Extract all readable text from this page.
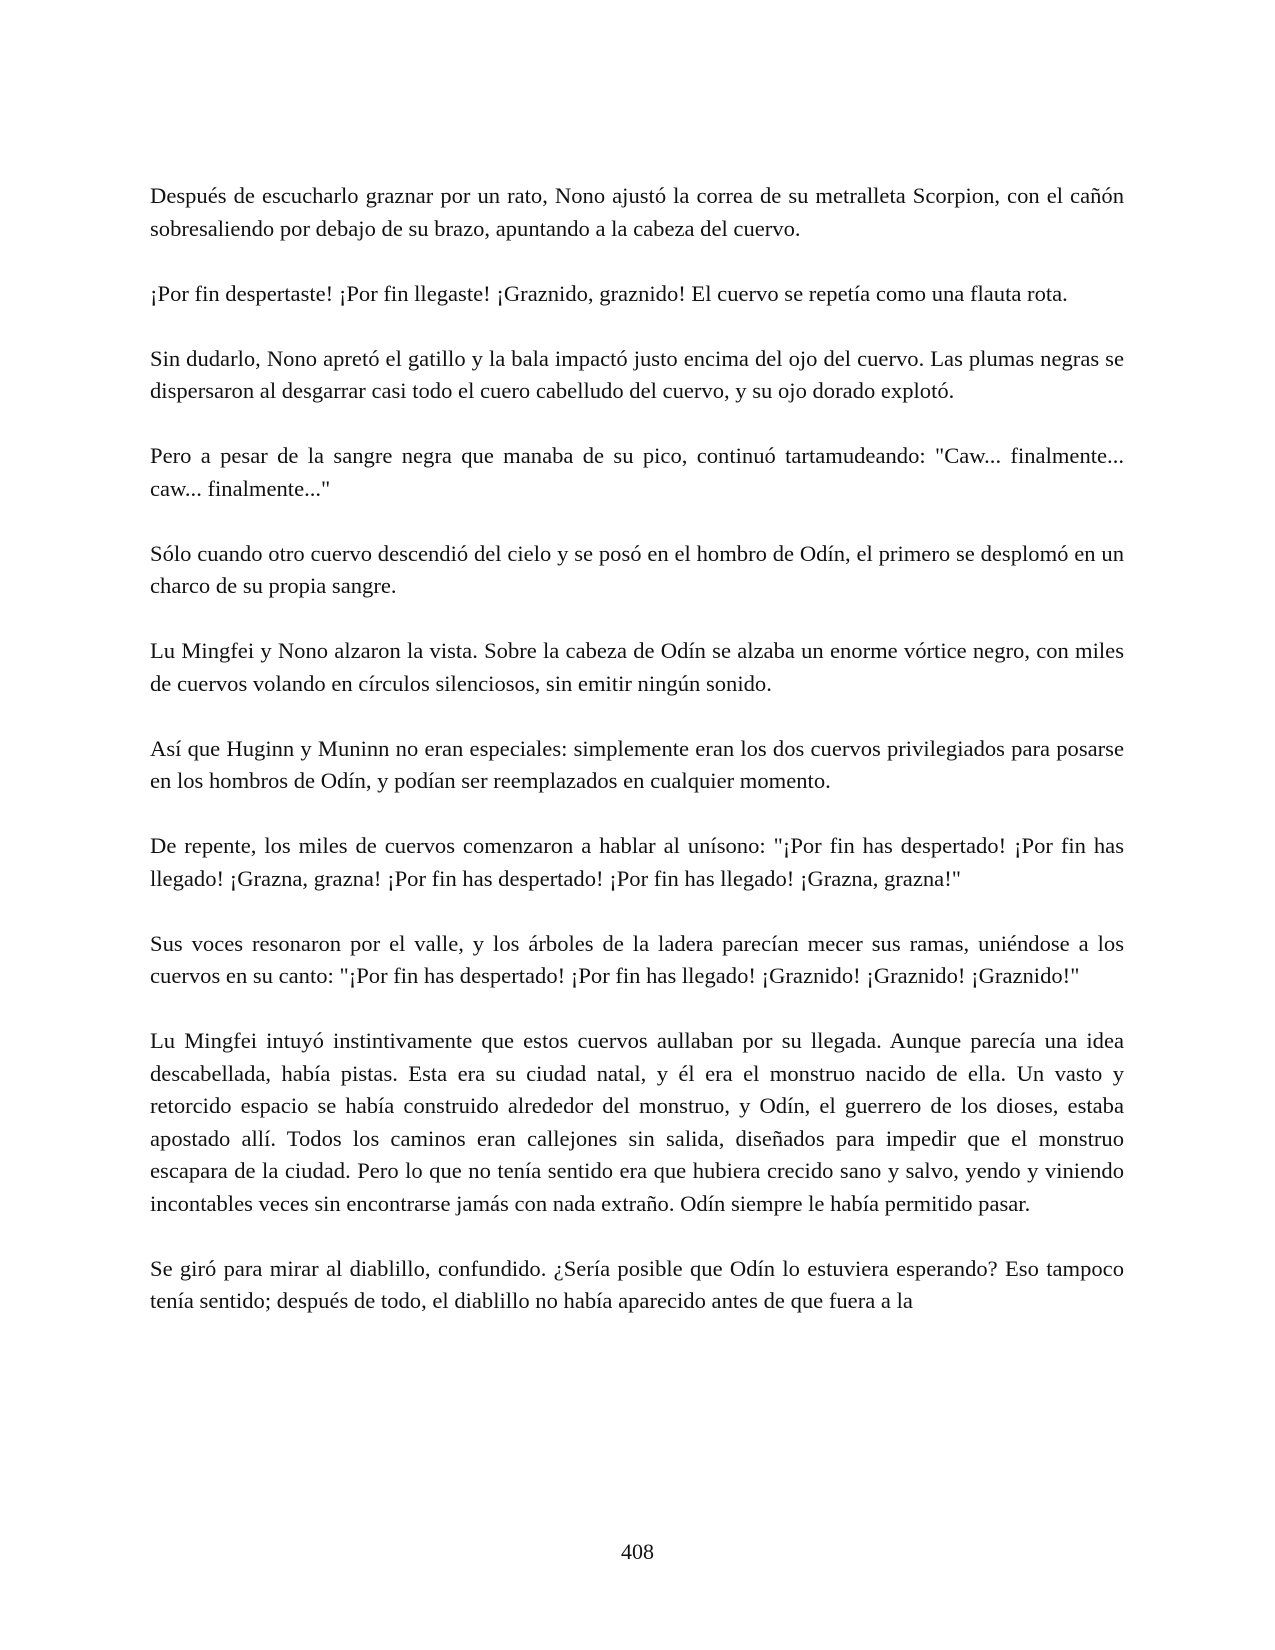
Después de escucharlo graznar por un rato, Nono ajustó la correa de su metralleta Scorpion, con el cañón sobresaliendo por debajo de su brazo, apuntando a la cabeza del cuervo.

¡Por fin despertaste! ¡Por fin llegaste! ¡Graznido, graznido! El cuervo se repetía como una flauta rota.

Sin dudarlo, Nono apretó el gatillo y la bala impactó justo encima del ojo del cuervo. Las plumas negras se dispersaron al desgarrar casi todo el cuero cabelludo del cuervo, y su ojo dorado explotó.

Pero a pesar de la sangre negra que manaba de su pico, continuó tartamudeando: "Caw... finalmente... caw... finalmente..."

Sólo cuando otro cuervo descendió del cielo y se posó en el hombro de Odín, el primero se desplomó en un charco de su propia sangre.

Lu Mingfei y Nono alzaron la vista. Sobre la cabeza de Odín se alzaba un enorme vórtice negro, con miles de cuervos volando en círculos silenciosos, sin emitir ningún sonido.

Así que Huginn y Muninn no eran especiales: simplemente eran los dos cuervos privilegiados para posarse en los hombros de Odín, y podían ser reemplazados en cualquier momento.

De repente, los miles de cuervos comenzaron a hablar al unísono: "¡Por fin has despertado! ¡Por fin has llegado! ¡Grazna, grazna! ¡Por fin has despertado! ¡Por fin has llegado! ¡Grazna, grazna!"

Sus voces resonaron por el valle, y los árboles de la ladera parecían mecer sus ramas, uniéndose a los cuervos en su canto: "¡Por fin has despertado! ¡Por fin has llegado! ¡Graznido! ¡Graznido! ¡Graznido!"

Lu Mingfei intuyó instintivamente que estos cuervos aullaban por su llegada. Aunque parecía una idea descabellada, había pistas. Esta era su ciudad natal, y él era el monstruo nacido de ella. Un vasto y retorcido espacio se había construido alrededor del monstruo, y Odín, el guerrero de los dioses, estaba apostado allí. Todos los caminos eran callejones sin salida, diseñados para impedir que el monstruo escapara de la ciudad. Pero lo que no tenía sentido era que hubiera crecido sano y salvo, yendo y viniendo incontables veces sin encontrarse jamás con nada extraño. Odín siempre le había permitido pasar.

Se giró para mirar al diablillo, confundido. ¿Sería posible que Odín lo estuviera esperando? Eso tampoco tenía sentido; después de todo, el diablillo no había aparecido antes de que fuera a la

408
